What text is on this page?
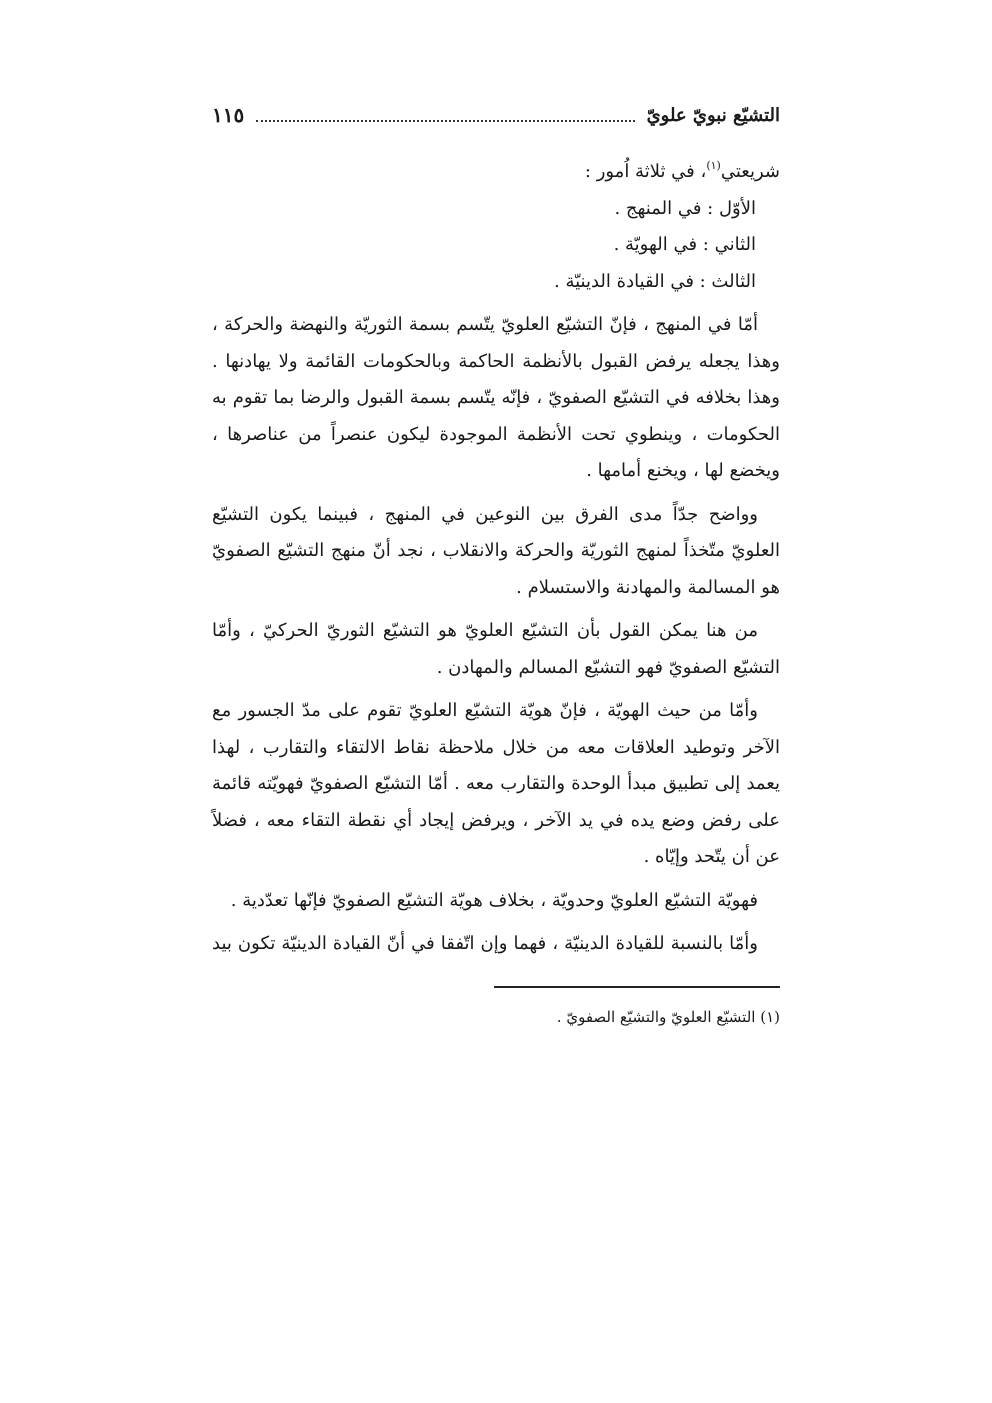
التشيّع نبويّ علويّ
١١٥

شريعتي$^{(١)}$، في ثلاثة اُمور :

الأوّل : في المنهج .

الثاني : في الهويّة .

الثالث : في القيادة الدينيّة .

أمّا في المنهج ، فإنّ التشيّع العلويّ يتّسم بسمة الثوريّة والنهضة والحركة ، وهذا يجعله يرفض القبول بالأنظمة الحاكمة وبالحكومات القائمة ولا يهادنها . وهذا بخلافه في التشيّع الصفويّ ، فإنّه يتّسم بسمة القبول والرضا بما تقوم به الحكومات ، وينطوي تحت الأنظمة الموجودة ليكون عنصراً من عناصرها ، ويخضع لها ، ويخنع أمامها .

وواضح جدّاً مدى الفرق بين النوعين في المنهج ، فبينما يكون التشيّع العلويّ متّخذاً لمنهج الثوريّة والحركة والانقلاب ، نجد أنّ منهج التشيّع الصفويّ هو المسالمة والمهادنة والاستسلام .

من هنا يمكن القول بأن التشيّع العلويّ هو التشيّع الثوريّ الحركيّ ، وأمّا التشيّع الصفويّ فهو التشيّع المسالم والمهادن .

وأمّا من حيث الهويّة ، فإنّ هويّة التشيّع العلويّ تقوم على مدّ الجسور مع الآخر وتوطيد العلاقات معه من خلال ملاحظة نقاط الالتقاء والتقارب ، لهذا يعمد إلى تطبيق مبدأ الوحدة والتقارب معه . أمّا التشيّع الصفويّ فهويّته قائمة على رفض وضع يده في يد الآخر ، ويرفض إيجاد أي نقطة التقاء معه ، فضلاً عن أن يتّحد وإيّاه .

فهويّة التشيّع العلويّ وحدويّة ، بخلاف هويّة التشيّع الصفويّ فإنّها تعدّدية .

وأمّا بالنسبة للقيادة الدينيّة ، فهما وإن اتّفقا في أنّ القيادة الدينيّة تكون بيد

(١) التشيّع العلويّ والتشيّع الصفويّ .
